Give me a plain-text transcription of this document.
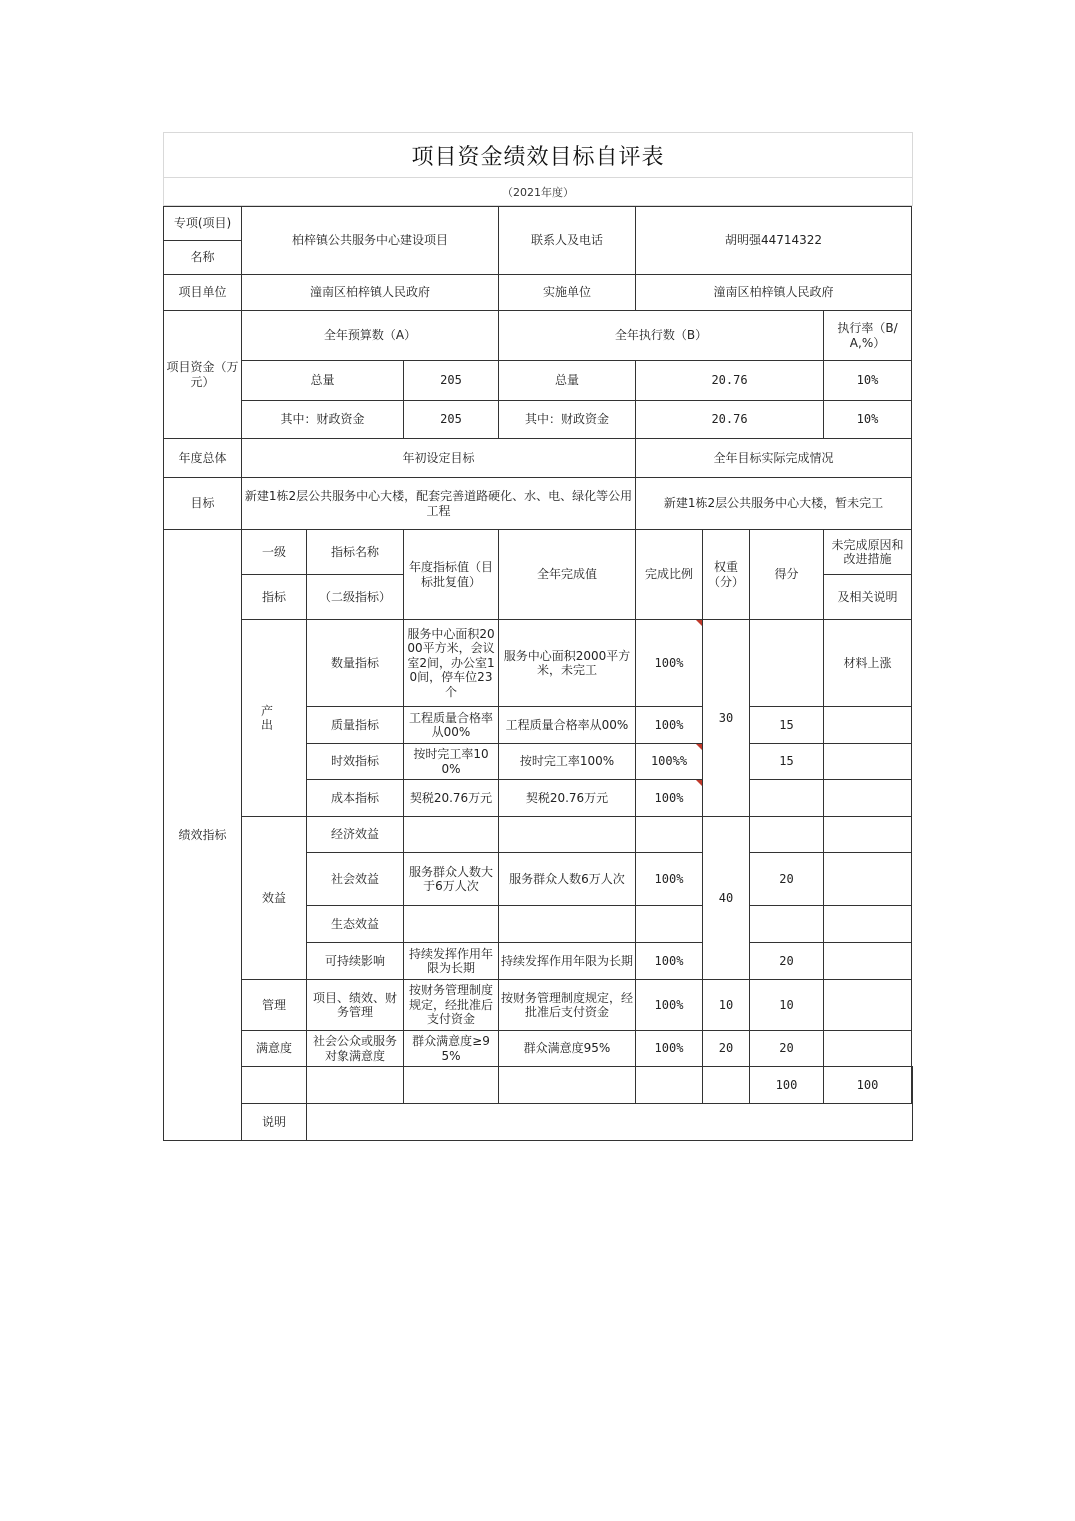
项目资金绩效目标自评表
（2021年度）
专项(项目)	柏梓镇公共服务中心建设项目			联系人及电话	胡明强44714322				
名称									
项目单位	潼南区柏梓镇人民政府			实施单位	潼南区柏梓镇人民政府				
项目资金（万元）	全年预算数（A）			全年执行数（B）				执行率（B/A,%）	
	总量		205	总量	20.76			10%	
	其中：财政资金		205	其中：财政资金	20.76			10%	
年度总体	年初设定目标				全年目标实际完成情况				
目标	新建1栋2层公共服务中心大楼，配套完善道路硬化、水、电、绿化等公用工程				新建1栋2层公共服务中心大楼，暂未完工				
绩效指标	一级	指标名称	年度指标值（目标批复值）	全年完成值	完成比例	权重（分）	得分	未完成原因和改进措施	
	指标	（二级指标）						及相关说明	
	产 出	数量指标	服务中心面积2000平方米，会议室2间，办公室10间，停车位23个	服务中心面积2000平方米，未完工	100%	30		材料上涨	
		质量指标	工程质量合格率从00%	工程质量合格率从00%	100%		15		
		时效指标	按时完工率100%	按时完工率100%	100%%		15		
		成本指标	契税20.76万元	契税20.76万元	100%				
	效益	经济效益				40			
		社会效益	服务群众人数大于6万人次	服务群众人数6万人次	100%		20		
		生态效益							
		可持续影响	持续发挥作用年限为长期	持续发挥作用年限为长期	100%		20		
	管理	项目、绩效、财务管理	按财务管理制度规定，经批准后支付资金	按财务管理制度规定，经批准后支付资金	100%	10	10		
	满意度	社会公众或服务对象满意度	群众满意度≥95%	群众满意度95%	100%	20	20		
							100	100	
	说明								
